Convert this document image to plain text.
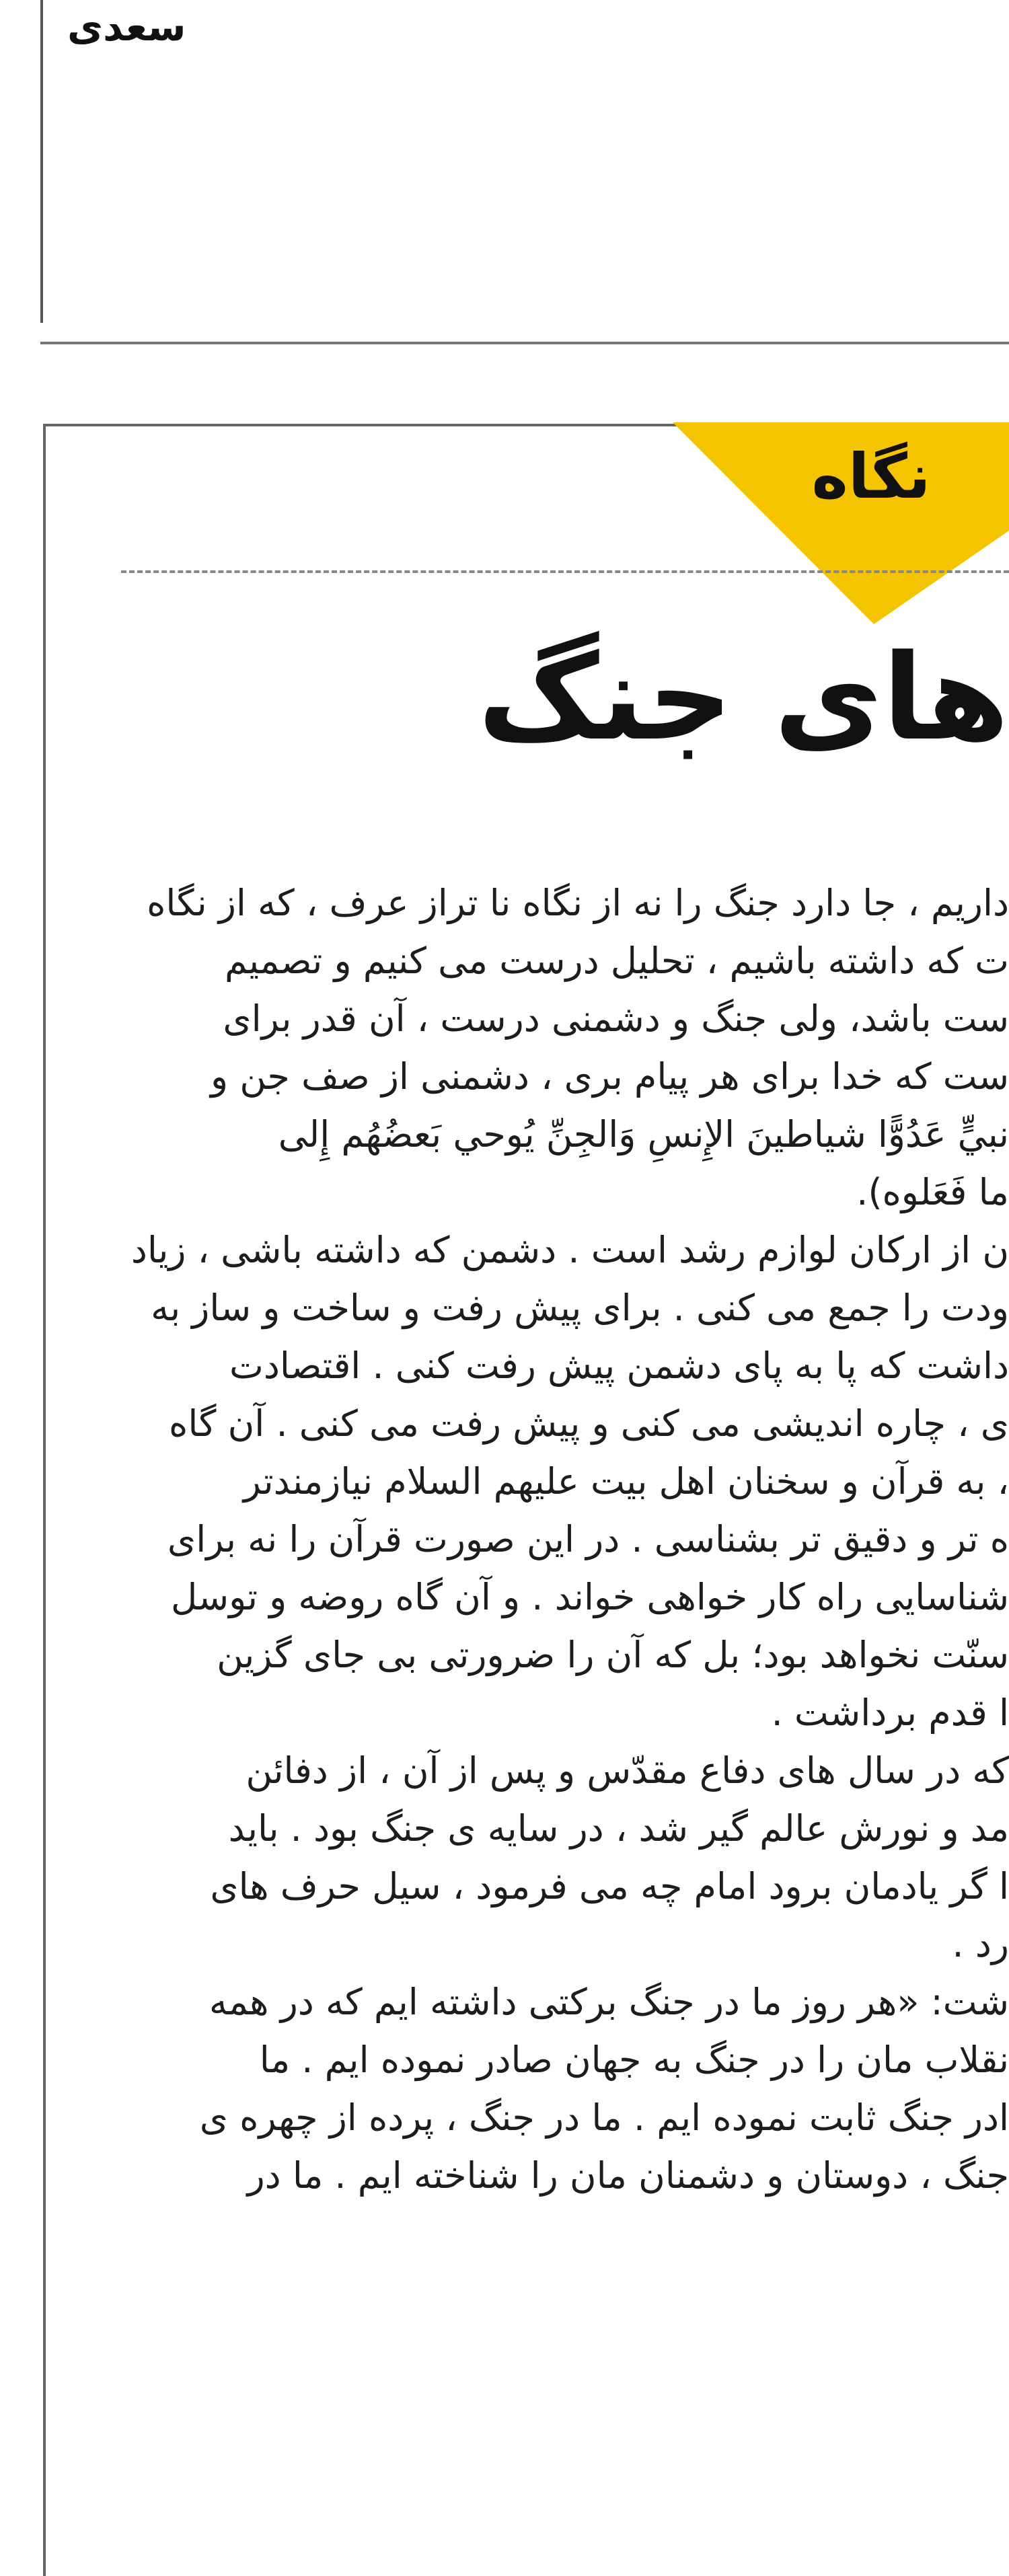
سعدی
نگاه
های جنگ
داریم ، جا دارد جنگ را نه از نگاه نا تراز عرف ، که از نگاه
ت که داشته باشیم ، تحلیل درست می کنیم و تصمیم
ست باشد، ولی جنگ و دشمنی درست ، آن قدر برای
ست که خدا برای هر پیام بری ، دشمنی از صف جن و
نبيٍّ عَدُوًّا شياطينَ الإِنسِ وَالجِنِّ يُوحي بَعضُهُم إِلى
ما فَعَلوه).
ن از ارکان لوازم رشد است . دشمن که داشته باشی ، زیاد
ودت را جمع می کنی . برای پیش رفت و ساخت و ساز به
داشت که پا به پای دشمن پیش رفت کنی . اقتصادت
ی ، چاره اندیشی می کنی و پیش رفت می کنی . آن گاه
، به قرآن و سخنان اهل بیت علیهم السلام نیازمندتر
ه تر و دقیق تر بشناسی . در این صورت قرآن را نه برای
شناسایی راه کار خواهی خواند . و آن گاه روضه و توسل
سنّت نخواهد بود؛ بل که آن را ضرورتی بی جای گزین
ا قدم برداشت .
که در سال های دفاع مقدّس و پس از آن ، از دفائن
مد و نورش عالم گیر شد ، در سایه ی جنگ بود . باید
ا گر یادمان برود امام چه می فرمود ، سیل حرف های
رد .
شت: «هر روز ما در جنگ برکتی داشته ایم که در همه
نقلاب مان را در جنگ به جهان صادر نموده ایم . ما
ادر جنگ ثابت نموده ایم . ما در جنگ ، پرده از چهره ی
جنگ ، دوستان و دشمنان مان را شناخته ایم . ما در
